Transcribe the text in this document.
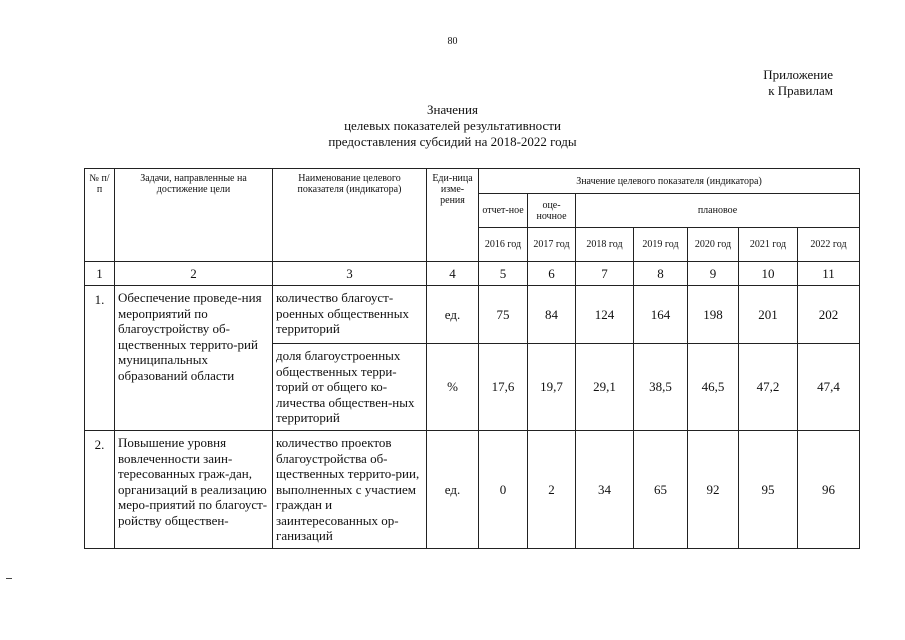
80
Приложение
к Правилам
Значения
целевых показателей результативности
предоставления субсидий на 2018-2022 годы
№ п/п	Задачи, направленные на достижение цели	Наименование целевого показателя (индикатора)	Еди-ница изме-рения	Значение целевого показателя (индикатора)						
				отчет-ное	оце-ночное	плановое				
				2016 год	2017 год	2018 год	2019 год	2020 год	2021 год	2022 год
1	2	3	4	5	6	7	8	9	10	11
1.	Обеспечение проведе-ния мероприятий по благоустройству об-щественных террито-рий муниципальных образований области	количество благоуст-роенных общественных территорий	ед.	75	84	124	164	198	201	202
		доля благоустроенных общественных терри-торий от общего ко-личества обществен-ных территорий	%	17,6	19,7	29,1	38,5	46,5	47,2	47,4
2.	Повышение уровня вовлеченности заин-тересованных граж-дан, организаций в реализацию меро-приятий по благоуст-ройству обществен-	количество проектов благоустройства об-щественных террито-рии, выполненных с участием граждан и заинтересованных ор-ганизаций	ед.	0	2	34	65	92	95	96
